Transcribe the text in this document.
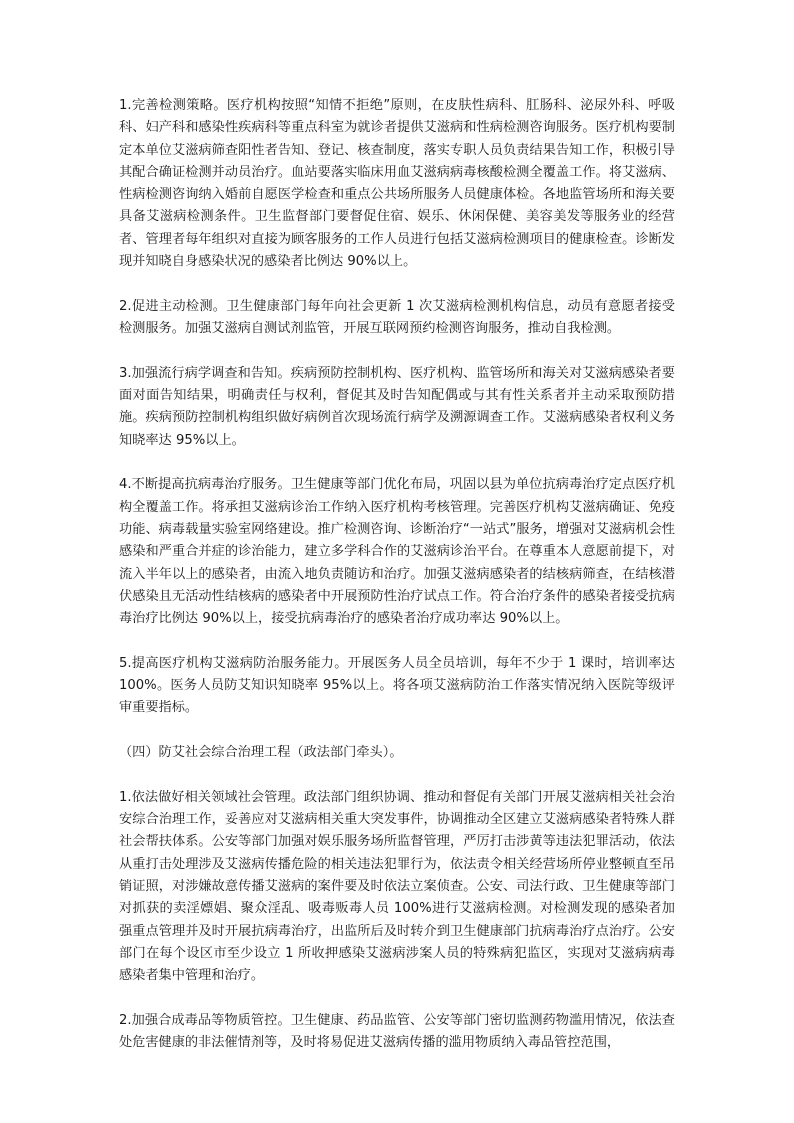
1.完善检测策略。医疗机构按照“知情不拒绝”原则，在皮肤性病科、肛肠科、泌尿外科、呼吸科、妇产科和感染性疾病科等重点科室为就诊者提供艾滋病和性病检测咨询服务。医疗机构要制定本单位艾滋病筛查阳性者告知、登记、核查制度，落实专职人员负责结果告知工作，积极引导其配合确证检测并动员治疗。血站要落实临床用血艾滋病病毒核酸检测全覆盖工作。将艾滋病、性病检测咨询纳入婚前自愿医学检查和重点公共场所服务人员健康体检。各地监管场所和海关要具备艾滋病检测条件。卫生监督部门要督促住宿、娱乐、休闲保健、美容美发等服务业的经营者、管理者每年组织对直接为顾客服务的工作人员进行包括艾滋病检测项目的健康检查。诊断发现并知晓自身感染状况的感染者比例达 90%以上。

2.促进主动检测。卫生健康部门每年向社会更新 1 次艾滋病检测机构信息，动员有意愿者接受检测服务。加强艾滋病自测试剂监管，开展互联网预约检测咨询服务，推动自我检测。

3.加强流行病学调查和告知。疾病预防控制机构、医疗机构、监管场所和海关对艾滋病感染者要面对面告知结果，明确责任与权利，督促其及时告知配偶或与其有性关系者并主动采取预防措施。疾病预防控制机构组织做好病例首次现场流行病学及溯源调查工作。艾滋病感染者权利义务知晓率达 95%以上。

4.不断提高抗病毒治疗服务。卫生健康等部门优化布局，巩固以县为单位抗病毒治疗定点医疗机构全覆盖工作。将承担艾滋病诊治工作纳入医疗机构考核管理。完善医疗机构艾滋病确证、免疫功能、病毒载量实验室网络建设。推广检测咨询、诊断治疗“一站式”服务，增强对艾滋病机会性感染和严重合并症的诊治能力，建立多学科合作的艾滋病诊治平台。在尊重本人意愿前提下，对流入半年以上的感染者，由流入地负责随访和治疗。加强艾滋病感染者的结核病筛查，在结核潜伏感染且无活动性结核病的感染者中开展预防性治疗试点工作。符合治疗条件的感染者接受抗病毒治疗比例达 90%以上，接受抗病毒治疗的感染者治疗成功率达 90%以上。

5.提高医疗机构艾滋病防治服务能力。开展医务人员全员培训，每年不少于 1 课时，培训率达 100%。医务人员防艾知识知晓率 95%以上。将各项艾滋病防治工作落实情况纳入医院等级评审重要指标。

（四）防艾社会综合治理工程（政法部门牵头）。

1.依法做好相关领域社会管理。政法部门组织协调、推动和督促有关部门开展艾滋病相关社会治安综合治理工作，妥善应对艾滋病相关重大突发事件，协调推动全区建立艾滋病感染者特殊人群社会帮扶体系。公安等部门加强对娱乐服务场所监督管理，严厉打击涉黄等违法犯罪活动，依法从重打击处理涉及艾滋病传播危险的相关违法犯罪行为，依法责令相关经营场所停业整顿直至吊销证照，对涉嫌故意传播艾滋病的案件要及时依法立案侦查。公安、司法行政、卫生健康等部门对抓获的卖淫嫖娼、聚众淫乱、吸毒贩毒人员 100%进行艾滋病检测。对检测发现的感染者加强重点管理并及时开展抗病毒治疗，出监所后及时转介到卫生健康部门抗病毒治疗点治疗。公安部门在每个设区市至少设立 1 所收押感染艾滋病涉案人员的特殊病犯监区，实现对艾滋病病毒感染者集中管理和治疗。

2.加强合成毒品等物质管控。卫生健康、药品监管、公安等部门密切监测药物滥用情况，依法查处危害健康的非法催情剂等，及时将易促进艾滋病传播的滥用物质纳入毒品管控范围，
